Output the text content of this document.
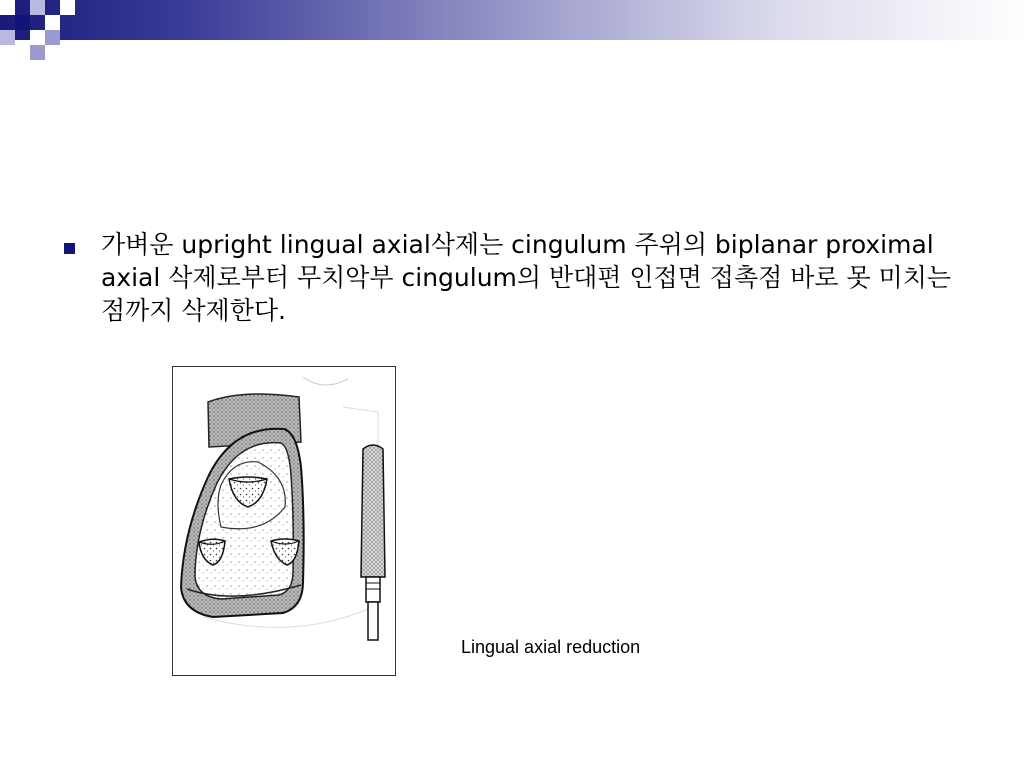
가벼운 upright lingual axial삭제는 cingulum 주위의 biplanar proximal axial 삭제로부터 무치악부 cingulum의 반대편 인접면 접촉점 바로 못 미치는 점까지 삭제한다.
Lingual axial reduction
